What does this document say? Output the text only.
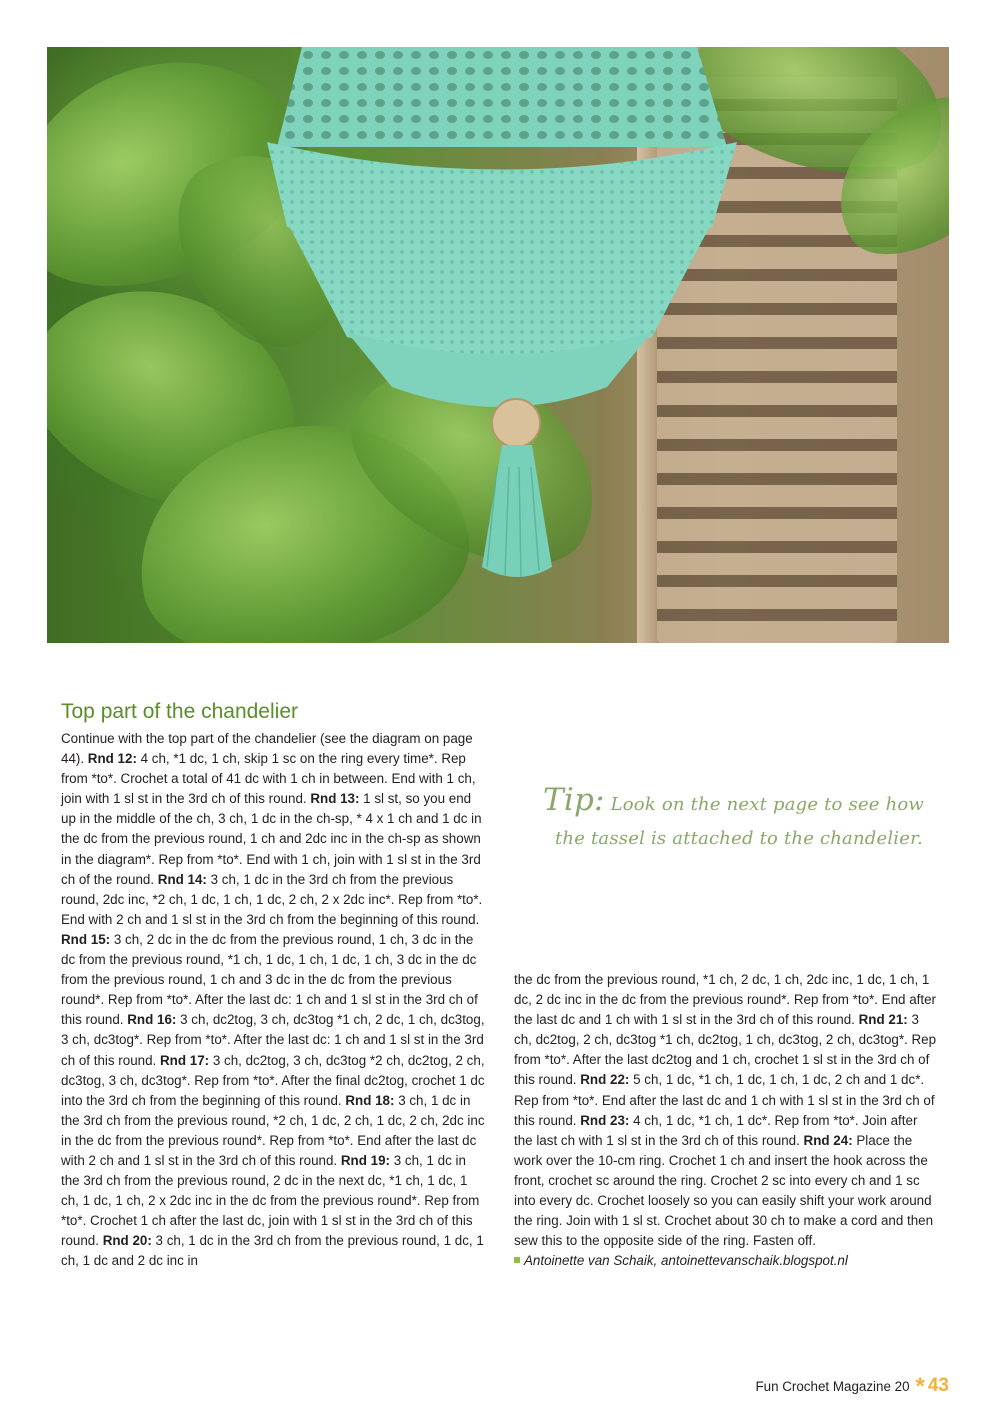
Top part of the chandelier

Continue with the top part of the chandelier (see the diagram on page 44). Rnd 12: 4 ch, *1 dc, 1 ch, skip 1 sc on the ring every time*. Rep from *to*. Crochet a total of 41 dc with 1 ch in between. End with 1 ch, join with 1 sl st in the 3rd ch of this round. Rnd 13: 1 sl st, so you end up in the middle of the ch, 3 ch, 1 dc in the ch-sp, * 4 x 1 ch and 1 dc in the dc from the previous round, 1 ch and 2dc inc in the ch-sp as shown in the diagram*. Rep from *to*. End with 1 ch, join with 1 sl st in the 3rd ch of the round. Rnd 14: 3 ch, 1 dc in the 3rd ch from the previous round, 2dc inc, *2 ch, 1 dc, 1 ch, 1 dc, 2 ch, 2 x 2dc inc*. Rep from *to*. End with 2 ch and 1 sl st in the 3rd ch from the beginning of this round. Rnd 15: 3 ch, 2 dc in the dc from the previous round, 1 ch, 3 dc in the dc from the previous round, *1 ch, 1 dc, 1 ch, 1 dc, 1 ch, 3 dc in the dc from the previous round, 1 ch and 3 dc in the dc from the previous round*. Rep from *to*. After the last dc: 1 ch and 1 sl st in the 3rd ch of this round. Rnd 16: 3 ch, dc2tog, 3 ch, dc3tog *1 ch, 2 dc, 1 ch, dc3tog, 3 ch, dc3tog*. Rep from *to*. After the last dc: 1 ch and 1 sl st in the 3rd ch of this round. Rnd 17: 3 ch, dc2tog, 3 ch, dc3tog *2 ch, dc2tog, 2 ch, dc3tog, 3 ch, dc3tog*. Rep from *to*. After the final dc2tog, crochet 1 dc into the 3rd ch from the beginning of this round. Rnd 18: 3 ch, 1 dc in the 3rd ch from the previous round, *2 ch, 1 dc, 2 ch, 1 dc, 2 ch, 2dc inc in the dc from the previous round*. Rep from *to*. End after the last dc with 2 ch and 1 sl st in the 3rd ch of this round. Rnd 19: 3 ch, 1 dc in the 3rd ch from the previous round, 2 dc in the next dc, *1 ch, 1 dc, 1 ch, 1 dc, 1 ch, 2 x 2dc inc in the dc from the previous round*. Rep from *to*. Crochet 1 ch after the last dc, join with 1 sl st in the 3rd ch of this round. Rnd 20: 3 ch, 1 dc in the 3rd ch from the previous round, 1 dc, 1 ch, 1 dc and 2 dc inc in

Tip: Look on the next page to see how
the tassel is attached to the chandelier.

the dc from the previous round, *1 ch, 2 dc, 1 ch, 2dc inc, 1 dc, 1 ch, 1 dc, 2 dc inc in the dc from the previous round*. Rep from *to*. End after the last dc and 1 ch with 1 sl st in the 3rd ch of this round. Rnd 21: 3 ch, dc2tog, 2 ch, dc3tog *1 ch, dc2tog, 1 ch, dc3tog, 2 ch, dc3tog*. Rep from *to*. After the last dc2tog and 1 ch, crochet 1 sl st in the 3rd ch of this round. Rnd 22: 5 ch, 1 dc, *1 ch, 1 dc, 1 ch, 1 dc, 2 ch and 1 dc*. Rep from *to*. End after the last dc and 1 ch with 1 sl st in the 3rd ch of this round. Rnd 23: 4 ch, 1 dc, *1 ch, 1 dc*. Rep from *to*. Join after the last ch with 1 sl st in the 3rd ch of this round. Rnd 24: Place the work over the 10-cm ring. Crochet 1 ch and insert the hook across the front, crochet sc around the ring. Crochet 2 sc into every ch and 1 sc into every dc. Crochet loosely so you can easily shift your work around the ring. Join with 1 sl st. Crochet about 30 ch to make a cord and then sew this to the opposite side of the ring. Fasten off.

Antoinette van Schaik, antoinettevanschaik.blogspot.nl

Fun Crochet Magazine 20 * 43
